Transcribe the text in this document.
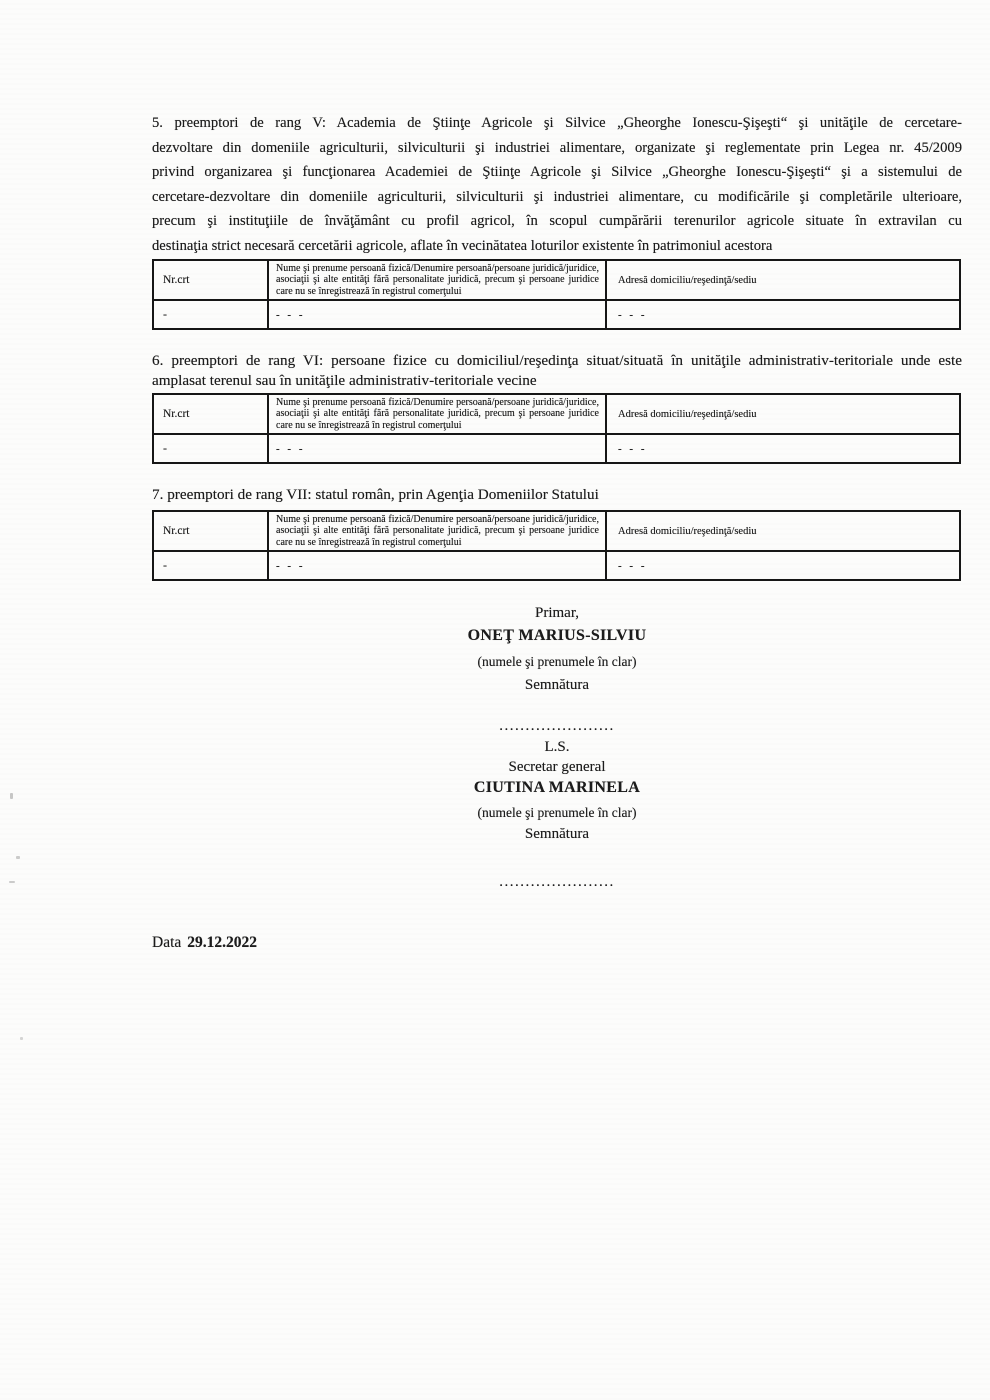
5. preemptori de rang V: Academia de Ştiinţe Agricole şi Silvice „Gheorghe Ionescu-Şişeşti“ şi unităţile de cercetare-
dezvoltare din domeniile agriculturii, silviculturii şi industriei alimentare, organizate şi reglementate prin Legea nr. 45/2009
privind organizarea şi funcţionarea Academiei de Ştiinţe Agricole şi Silvice „Gheorghe Ionescu-Şişeşti“ şi a sistemului de
cercetare-dezvoltare din domeniile agriculturii, silviculturii şi industriei alimentare, cu modificările şi completările ulterioare,
precum şi instituţiile de învăţământ cu profil agricol, în scopul cumpărării terenurilor agricole situate în extravilan cu
destinaţia strict necesară cercetării agricole, aflate în vecinătatea loturilor existente în patrimoniul acestora
Nr.crt	Nume şi prenume persoană fizică/Denumire persoană/persoane juridică/juridice, asociaţii şi alte entităţi fără personalitate juridică, precum şi persoane juridice care nu se înregistrează în registrul comerţului	Adresă domiciliu/reşedinţă/sediu
-	- - -	- - -
6. preemptori de rang VI: persoane fizice cu domiciliul/reşedinţa situat/situată în unităţile administrativ-teritoriale unde este
amplasat terenul sau în unităţile administrativ-teritoriale vecine
Nr.crt	Nume şi prenume persoană fizică/Denumire persoană/persoane juridică/juridice, asociaţii şi alte entităţi fără personalitate juridică, precum şi persoane juridice care nu se înregistrează în registrul comerţului	Adresă domiciliu/reşedinţă/sediu
-	- - -	- - -
7. preemptori de rang VII: statul român, prin Agenţia Domeniilor Statului
Nr.crt	Nume şi prenume persoană fizică/Denumire persoană/persoane juridică/juridice, asociaţii şi alte entităţi fără personalitate juridică, precum şi persoane juridice care nu se înregistrează în registrul comerţului	Adresă domiciliu/reşedinţă/sediu
-	- - -	- - -
Primar,
ONEŢ MARIUS-SILVIU
(numele şi prenumele în clar)
Semnătura
......................
L.S.
Secretar general
CIUTINA MARINELA
(numele şi prenumele în clar)
Semnătura
......................
Data 29.12.2022
